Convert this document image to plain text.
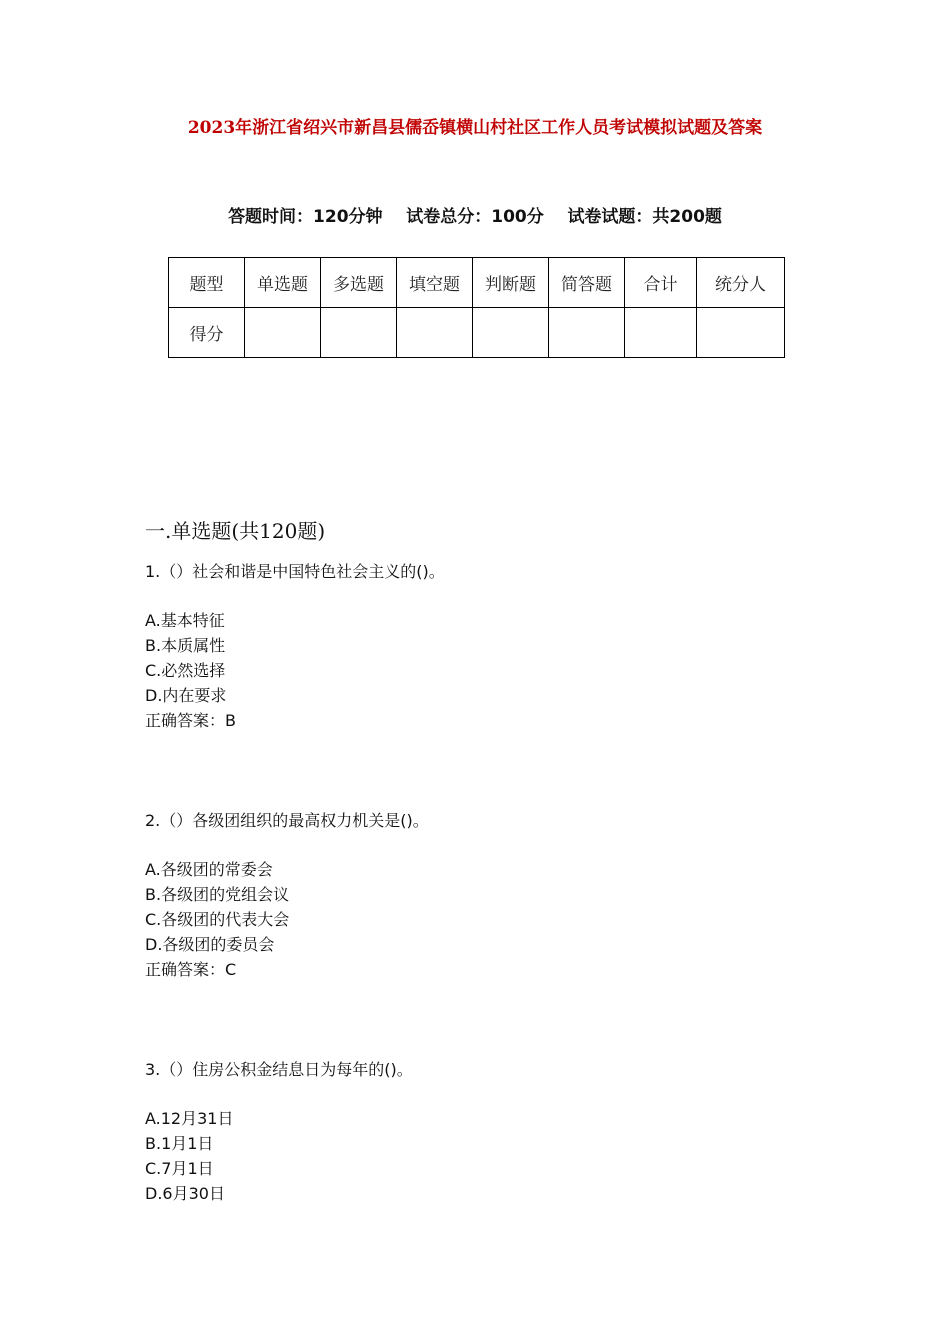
2023年浙江省绍兴市新昌县儒岙镇横山村社区工作人员考试模拟试题及答案
答题时间：120分钟 试卷总分：100分 试卷试题：共200题
题型	单选题	多选题	填空题	判断题	简答题	合计	统分人
得分							
一.单选题(共120题)
1.（）社会和谐是中国特色社会主义的()。
A.基本特征
B.本质属性
C.必然选择
D.内在要求
正确答案：B
2.（）各级团组织的最高权力机关是()。
A.各级团的常委会
B.各级团的党组会议
C.各级团的代表大会
D.各级团的委员会
正确答案：C
3.（）住房公积金结息日为每年的()。
A.12月31日
B.1月1日
C.7月1日
D.6月30日
